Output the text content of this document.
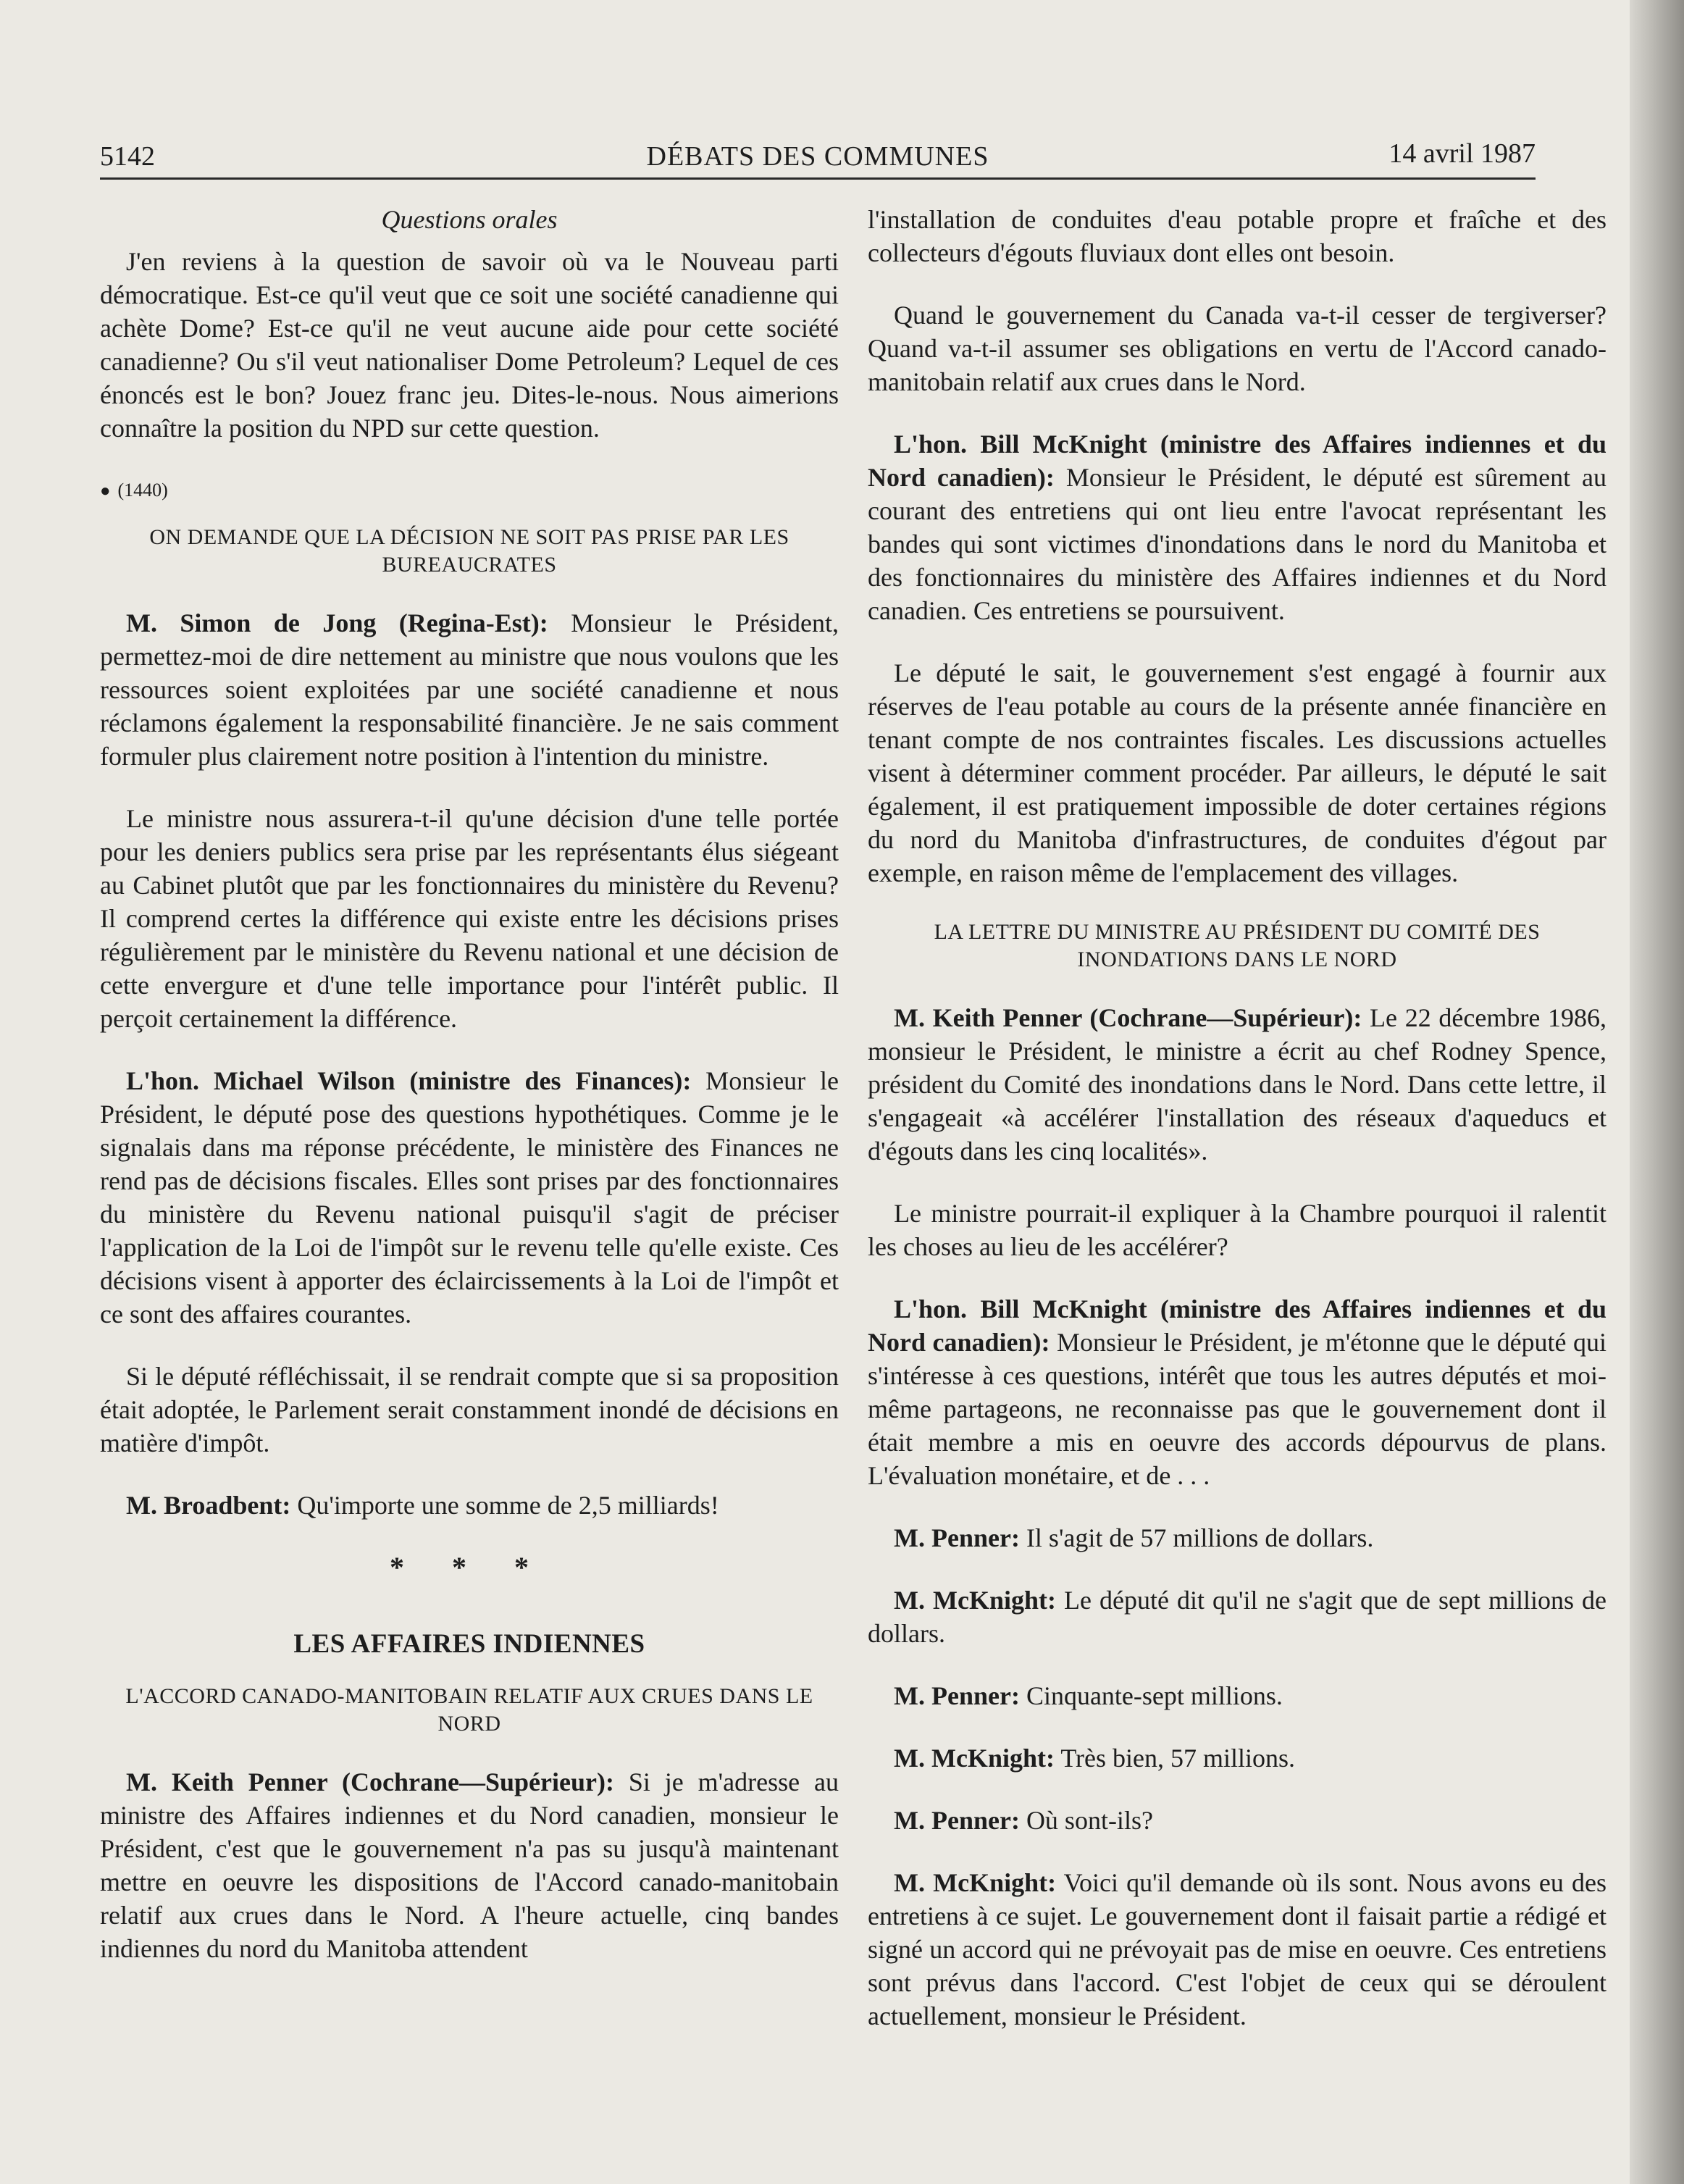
5142	DÉBATS DES COMMUNES	14 avril 1987
Questions orales

J'en reviens à la question de savoir où va le Nouveau parti démocratique. Est-ce qu'il veut que ce soit une société canadienne qui achète Dome? Est-ce qu'il ne veut aucune aide pour cette société canadienne? Ou s'il veut nationaliser Dome Petroleum? Lequel de ces énoncés est le bon? Jouez franc jeu. Dites-le-nous. Nous aimerions connaître la position du NPD sur cette question.

● (1440)
ON DEMANDE QUE LA DÉCISION NE SOIT PAS PRISE PAR LES BUREAUCRATES

M. Simon de Jong (Regina-Est): Monsieur le Président, permettez-moi de dire nettement au ministre que nous voulons que les ressources soient exploitées par une société canadienne et nous réclamons également la responsabilité financière. Je ne sais comment formuler plus clairement notre position à l'intention du ministre.

Le ministre nous assurera-t-il qu'une décision d'une telle portée pour les deniers publics sera prise par les représentants élus siégeant au Cabinet plutôt que par les fonctionnaires du ministère du Revenu? Il comprend certes la différence qui existe entre les décisions prises régulièrement par le ministère du Revenu national et une décision de cette envergure et d'une telle importance pour l'intérêt public. Il perçoit certainement la différence.

L'hon. Michael Wilson (ministre des Finances): Monsieur le Président, le député pose des questions hypothétiques. Comme je le signalais dans ma réponse précédente, le ministère des Finances ne rend pas de décisions fiscales. Elles sont prises par des fonctionnaires du ministère du Revenu national puisqu'il s'agit de préciser l'application de la Loi de l'impôt sur le revenu telle qu'elle existe. Ces décisions visent à apporter des éclaircissements à la Loi de l'impôt et ce sont des affaires courantes.

Si le député réfléchissait, il se rendrait compte que si sa proposition était adoptée, le Parlement serait constamment inondé de décisions en matière d'impôt.

M. Broadbent: Qu'importe une somme de 2,5 milliards!

* * *
LES AFFAIRES INDIENNES
L'ACCORD CANADO-MANITOBAIN RELATIF AUX CRUES DANS LE NORD

M. Keith Penner (Cochrane—Supérieur): Si je m'adresse au ministre des Affaires indiennes et du Nord canadien, monsieur le Président, c'est que le gouvernement n'a pas su jusqu'à maintenant mettre en oeuvre les dispositions de l'Accord canado-manitobain relatif aux crues dans le Nord. A l'heure actuelle, cinq bandes indiennes du nord du Manitoba attendent

l'installation de conduites d'eau potable propre et fraîche et des collecteurs d'égouts fluviaux dont elles ont besoin.

Quand le gouvernement du Canada va-t-il cesser de tergiverser? Quand va-t-il assumer ses obligations en vertu de l'Accord canado-manitobain relatif aux crues dans le Nord.

L'hon. Bill McKnight (ministre des Affaires indiennes et du Nord canadien): Monsieur le Président, le député est sûrement au courant des entretiens qui ont lieu entre l'avocat représentant les bandes qui sont victimes d'inondations dans le nord du Manitoba et des fonctionnaires du ministère des Affaires indiennes et du Nord canadien. Ces entretiens se poursuivent.

Le député le sait, le gouvernement s'est engagé à fournir aux réserves de l'eau potable au cours de la présente année financière en tenant compte de nos contraintes fiscales. Les discussions actuelles visent à déterminer comment procéder. Par ailleurs, le député le sait également, il est pratiquement impossible de doter certaines régions du nord du Manitoba d'infrastructures, de conduites d'égout par exemple, en raison même de l'emplacement des villages.

LA LETTRE DU MINISTRE AU PRÉSIDENT DU COMITÉ DES INONDATIONS DANS LE NORD

M. Keith Penner (Cochrane—Supérieur): Le 22 décembre 1986, monsieur le Président, le ministre a écrit au chef Rodney Spence, président du Comité des inondations dans le Nord. Dans cette lettre, il s'engageait «à accélérer l'installation des réseaux d'aqueducs et d'égouts dans les cinq localités».

Le ministre pourrait-il expliquer à la Chambre pourquoi il ralentit les choses au lieu de les accélérer?

L'hon. Bill McKnight (ministre des Affaires indiennes et du Nord canadien): Monsieur le Président, je m'étonne que le député qui s'intéresse à ces questions, intérêt que tous les autres députés et moi-même partageons, ne reconnaisse pas que le gouvernement dont il était membre a mis en oeuvre des accords dépourvus de plans. L'évaluation monétaire, et de . . .

M. Penner: Il s'agit de 57 millions de dollars.

M. McKnight: Le député dit qu'il ne s'agit que de sept millions de dollars.

M. Penner: Cinquante-sept millions.

M. McKnight: Très bien, 57 millions.

M. Penner: Où sont-ils?

M. McKnight: Voici qu'il demande où ils sont. Nous avons eu des entretiens à ce sujet. Le gouvernement dont il faisait partie a rédigé et signé un accord qui ne prévoyait pas de mise en oeuvre. Ces entretiens sont prévus dans l'accord. C'est l'objet de ceux qui se déroulent actuellement, monsieur le Président.
